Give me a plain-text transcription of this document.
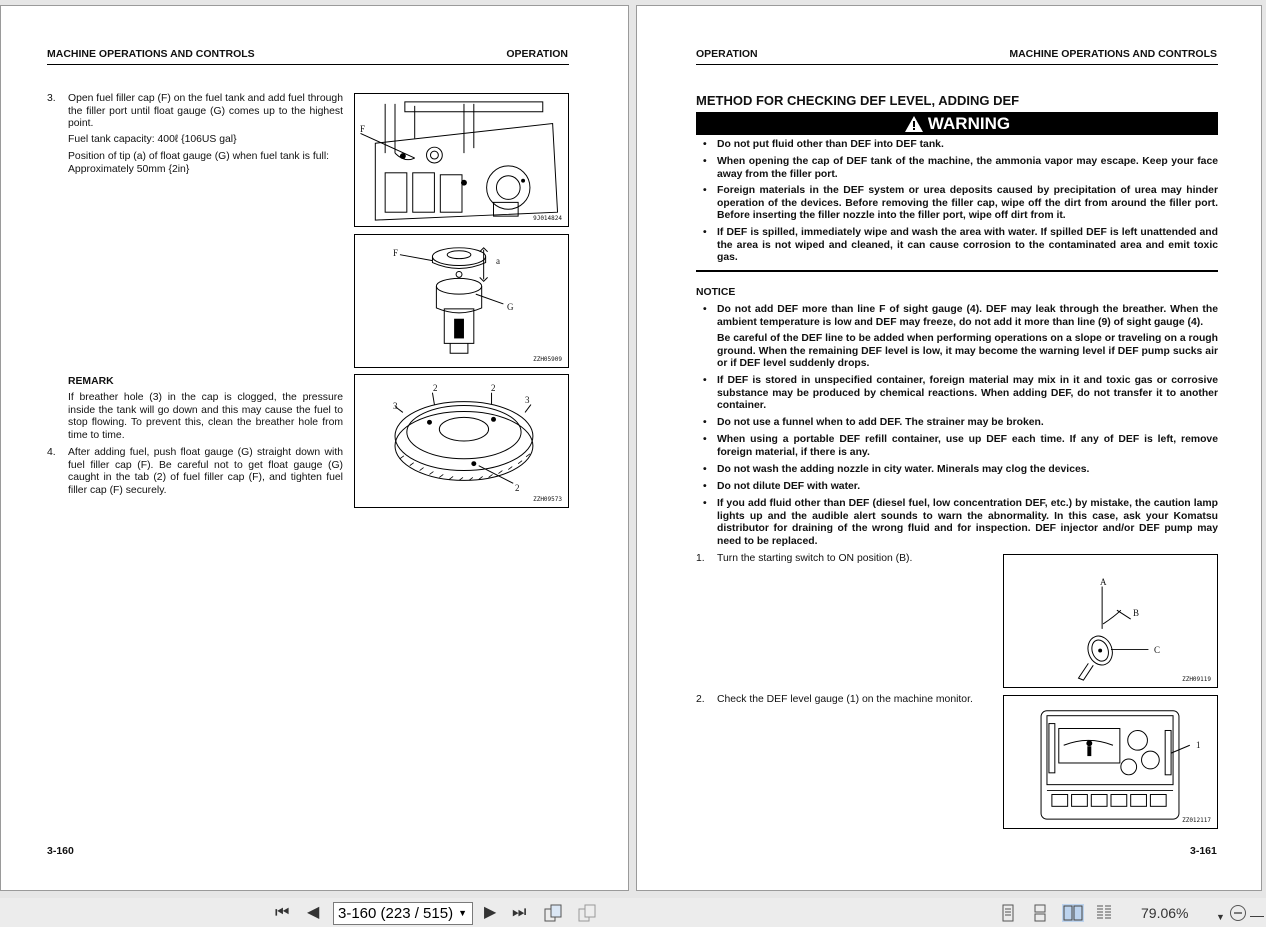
MACHINE OPERATIONS AND CONTROLS	OPERATION
3. Open fuel filler cap (F) on the fuel tank and add fuel through the filler port until float gauge (G) comes up to the highest point.
Fuel tank capacity: 400ℓ {106US gal}
Position of tip (a) of float gauge (G) when fuel tank is full: Approximately 50mm {2in}
REMARK
If breather hole (3) in the cap is clogged, the pressure inside the tank will go down and this may cause the fuel to stop flowing. To prevent this, clean the breather hole from time to time.
4. After adding fuel, push float gauge (G) straight down with fuel filler cap (F). Be careful not to get float gauge (G) caught in the tab (2) of fuel filler cap (F), and tighten fuel filler cap (F) securely.
F
9J014824
F
a
G
ZZH05909
2	2
2
3
3
ZZH09573
3-160
OPERATION	MACHINE OPERATIONS AND CONTROLS
METHOD FOR CHECKING DEF LEVEL, ADDING DEF
WARNING
• Do not put fluid other than DEF into DEF tank.
• When opening the cap of DEF tank of the machine, the ammonia vapor may escape. Keep your face away from the filler port.
• Foreign materials in the DEF system or urea deposits caused by precipitation of urea may hinder operation of the devices. Before removing the filler cap, wipe off the dirt from around the filler port. Before inserting the filler nozzle into the filler port, wipe off dirt from it.
• If DEF is spilled, immediately wipe and wash the area with water. If spilled DEF is left unattended and the area is not wiped and cleaned, it can cause corrosion to the contaminated area and emit toxic gas.
NOTICE
• Do not add DEF more than line F of sight gauge (4). DEF may leak through the breather. When the ambient temperature is low and DEF may freeze, do not add it more than line (9) of sight gauge (4).
Be careful of the DEF line to be added when performing operations on a slope or traveling on a rough ground. When the remaining DEF level is low, it may become the warning level if DEF pump sucks air or if DEF level suddenly drops.
• If DEF is stored in unspecified container, foreign material may mix in it and toxic gas or corrosive substance may be produced by chemical reactions. When adding DEF, do not transfer it to another container.
• Do not use a funnel when to add DEF. The strainer may be broken.
• When using a portable DEF refill container, use up DEF each time. If any of DEF is left, remove foreign material, if there is any.
• Do not wash the adding nozzle in city water. Minerals may clog the devices.
• Do not dilute DEF with water.
• If you add fluid other than DEF (diesel fuel, low concentration DEF, etc.) by mistake, the caution lamp lights up and the audible alert sounds to warn the abnormality. In this case, ask your Komatsu distributor for draining of the wrong fluid and for inspection. DEF injector and/or DEF pump may need to be replaced.
1. Turn the starting switch to ON position (B).
2. Check the DEF level gauge (1) on the machine monitor.
A
B
C
ZZH09119
1
ZZ012117
3-161
⏮ ◀	3-160 (223 / 515) ▼ ▶ ⏭	79.06%	▼ —
